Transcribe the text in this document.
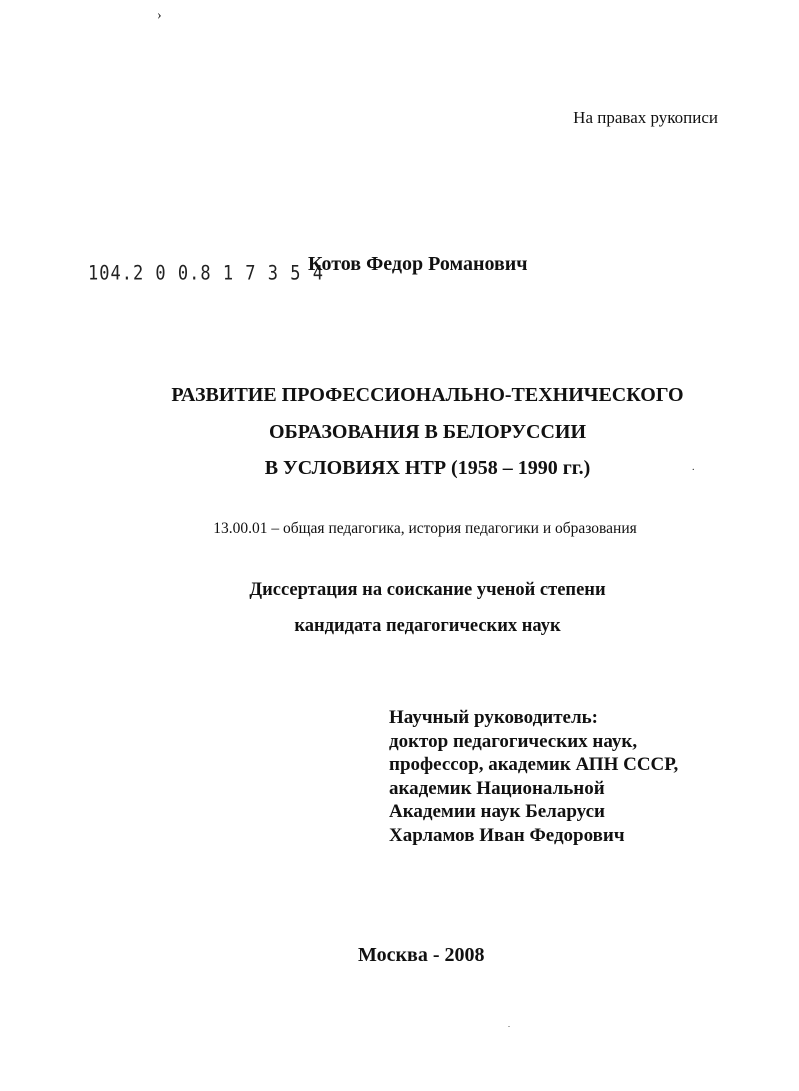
›
.
.
На правах рукописи
104.2 0 0.8 1 7 3 5 4
Котов Федор Романович
РАЗВИТИЕ ПРОФЕССИОНАЛЬНО-ТЕХНИЧЕСКОГО
ОБРАЗОВАНИЯ В БЕЛОРУССИИ
В УСЛОВИЯХ НТР (1958 – 1990 гг.)
13.00.01 – общая педагогика, история педагогики и образования
Диссертация на соискание ученой степени
кандидата педагогических наук
Научный руководитель:
доктор педагогических наук,
профессор, академик АПН СССР,
академик Национальной
Академии наук Беларуси
Харламов Иван Федорович
Москва - 2008
